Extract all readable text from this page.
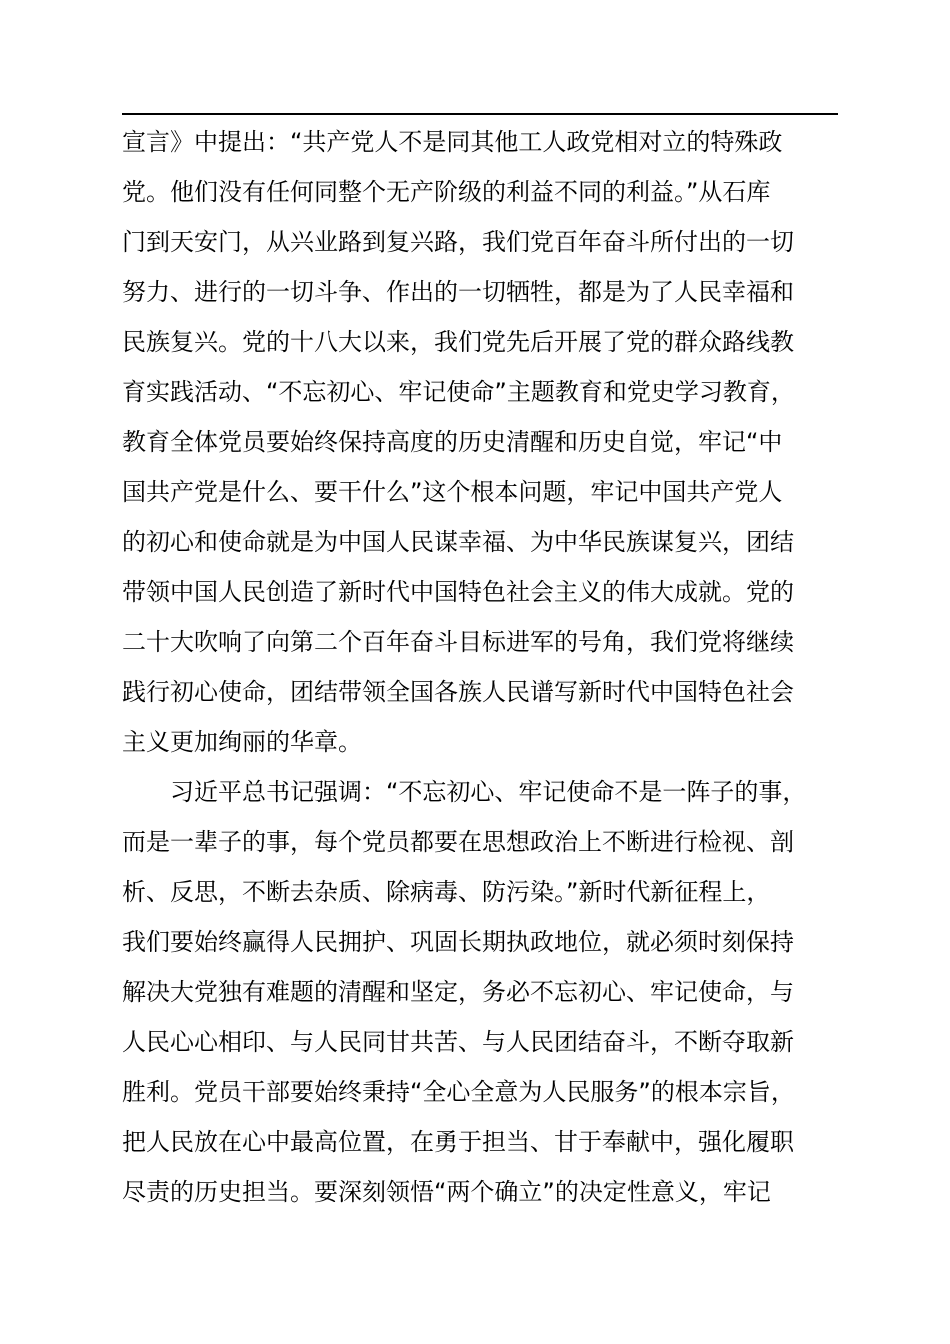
宣言》中提出：“共产党人不是同其他工人政党相对立的特殊政
党。他们没有任何同整个无产阶级的利益不同的利益。”从石库
门到天安门，从兴业路到复兴路，我们党百年奋斗所付出的一切
努力、进行的一切斗争、作出的一切牺牲，都是为了人民幸福和
民族复兴。党的十八大以来，我们党先后开展了党的群众路线教
育实践活动、“不忘初心、牢记使命”主题教育和党史学习教育，
教育全体党员要始终保持高度的历史清醒和历史自觉，牢记“中
国共产党是什么、要干什么”这个根本问题，牢记中国共产党人
的初心和使命就是为中国人民谋幸福、为中华民族谋复兴，团结
带领中国人民创造了新时代中国特色社会主义的伟大成就。党的
二十大吹响了向第二个百年奋斗目标进军的号角，我们党将继续
践行初心使命，团结带领全国各族人民谱写新时代中国特色社会
主义更加绚丽的华章。
习近平总书记强调：“不忘初心、牢记使命不是一阵子的事，
而是一辈子的事，每个党员都要在思想政治上不断进行检视、剖
析、反思，不断去杂质、除病毒、防污染。”新时代新征程上，
我们要始终赢得人民拥护、巩固长期执政地位，就必须时刻保持
解决大党独有难题的清醒和坚定，务必不忘初心、牢记使命，与
人民心心相印、与人民同甘共苦、与人民团结奋斗，不断夺取新
胜利。党员干部要始终秉持“全心全意为人民服务”的根本宗旨，
把人民放在心中最高位置，在勇于担当、甘于奉献中，强化履职
尽责的历史担当。要深刻领悟“两个确立”的决定性意义，牢记
